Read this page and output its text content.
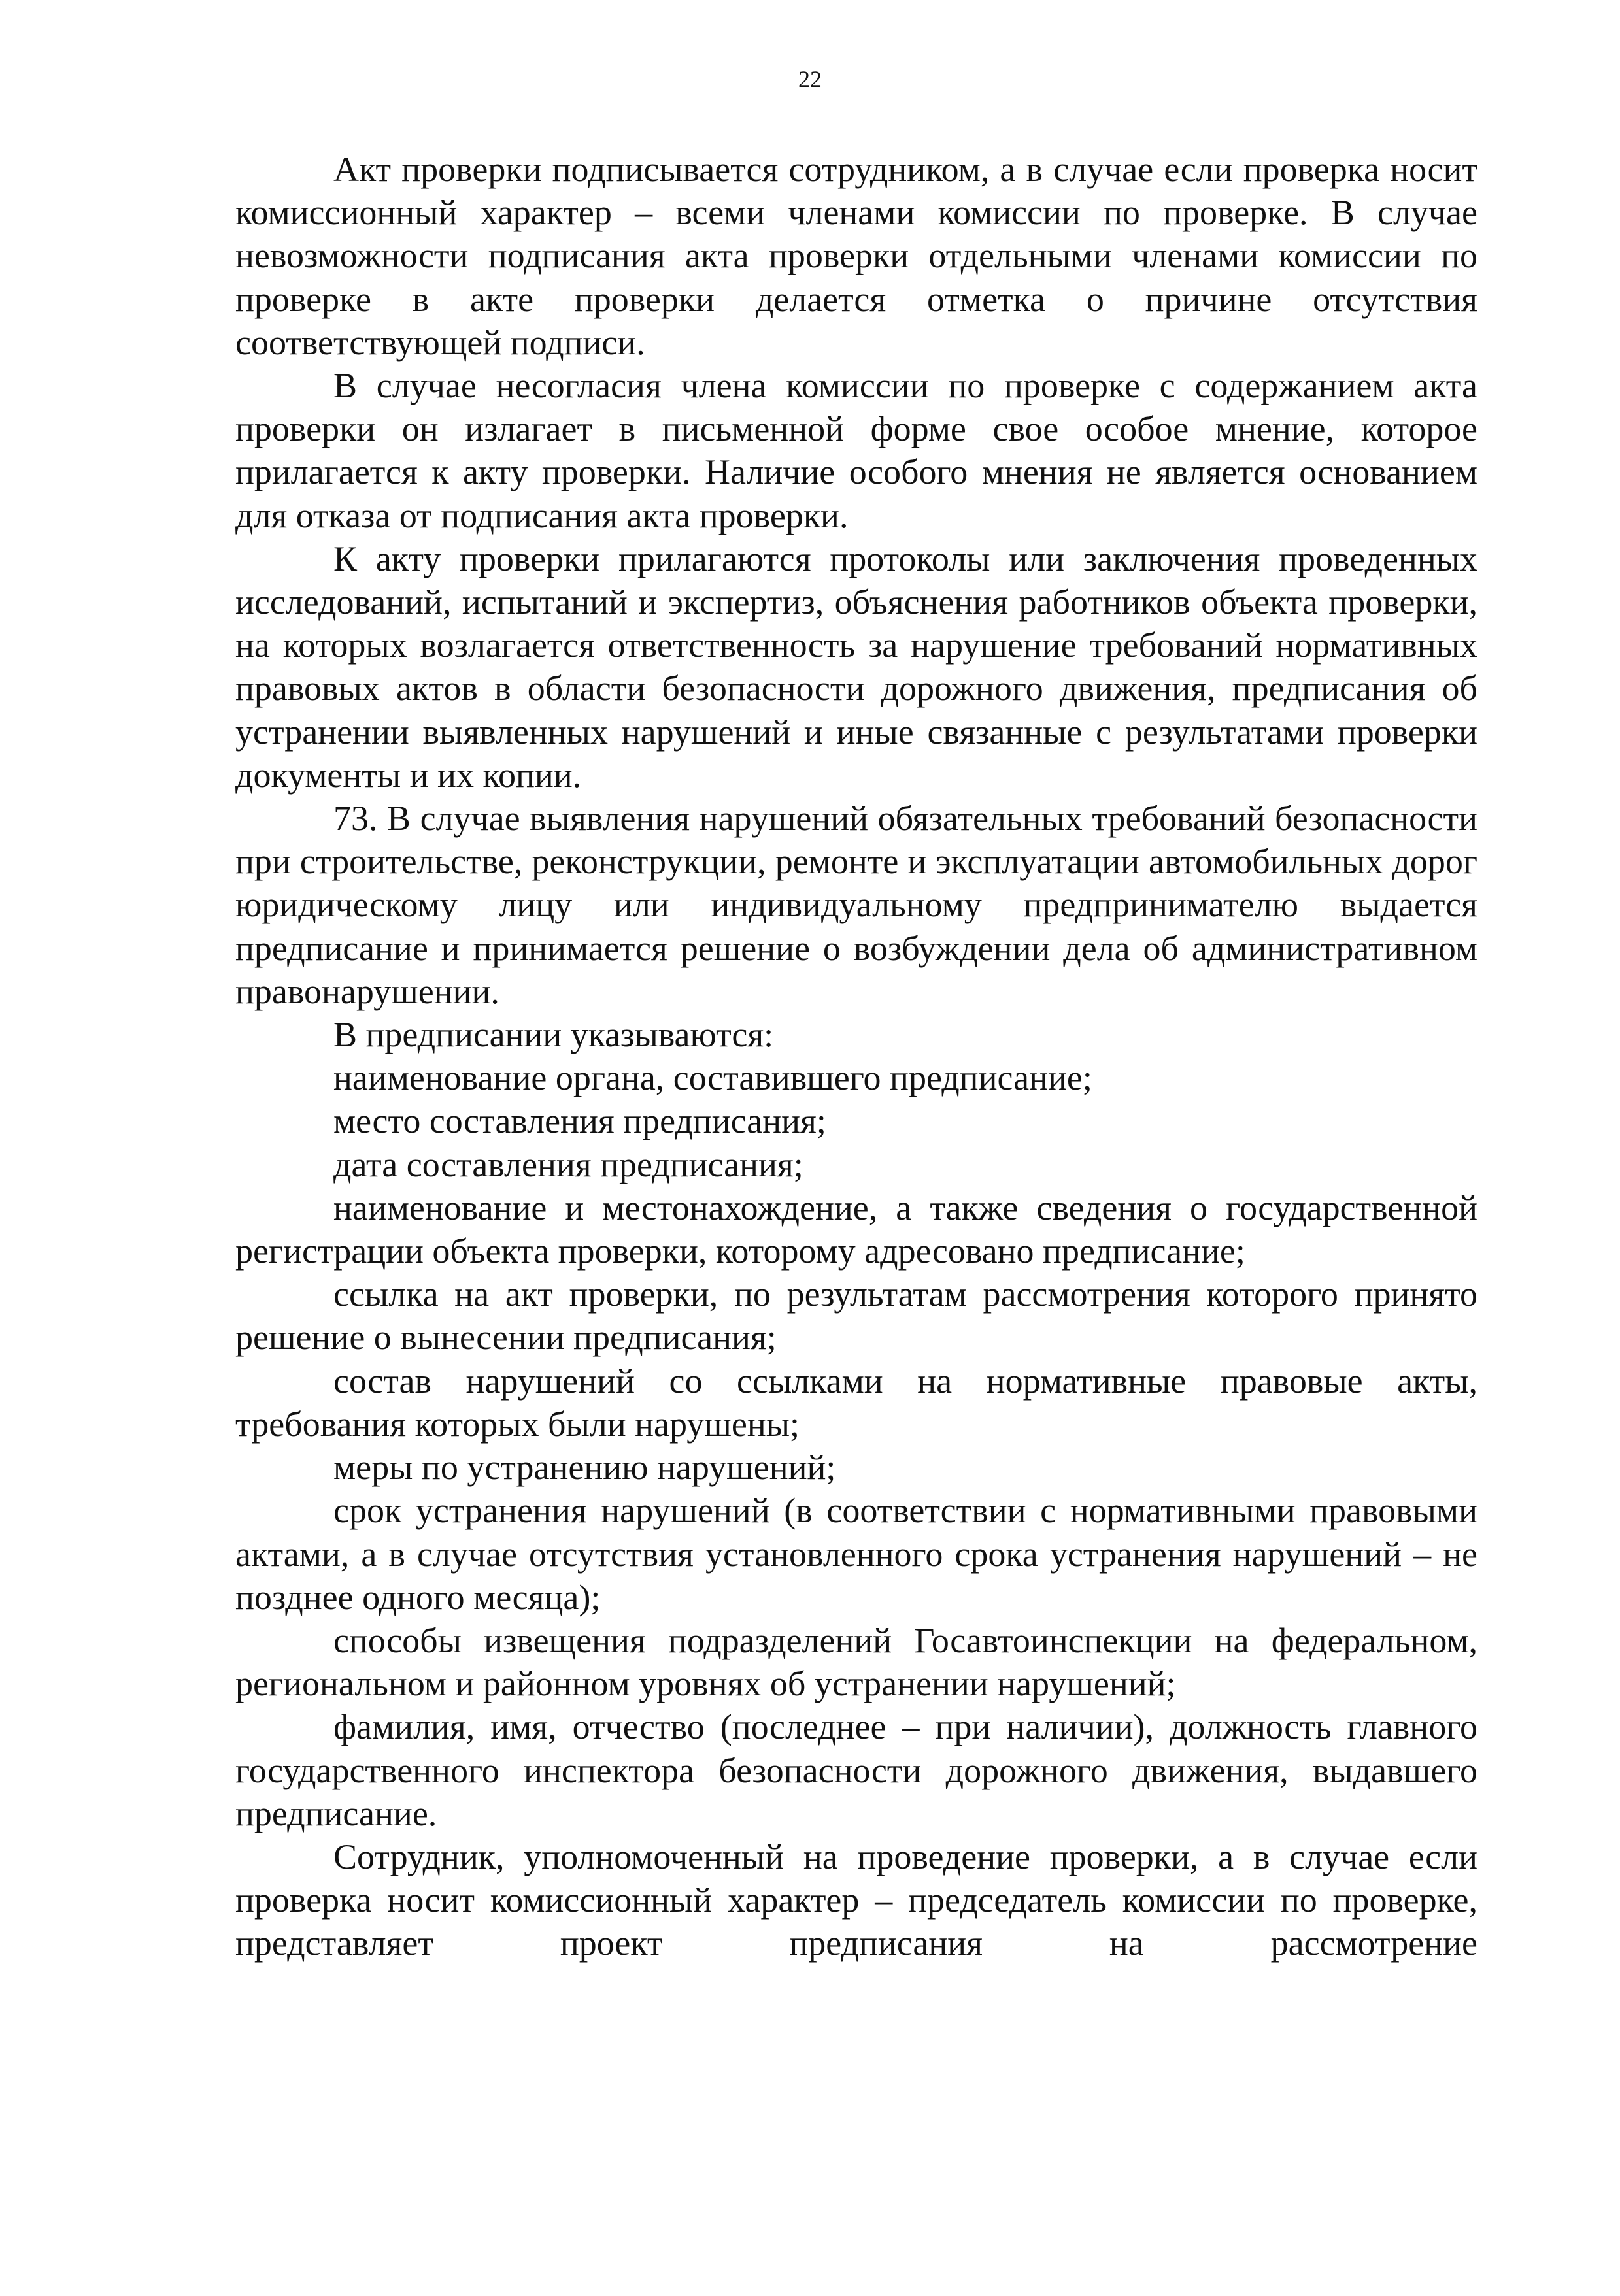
22

Акт проверки подписывается сотрудником, а в случае если проверка носит комиссионный характер – всеми членами комиссии по проверке. В случае невозможности подписания акта проверки отдельными членами комиссии по проверке в акте проверки делается отметка о причине отсутствия соответствующей подписи.

В случае несогласия члена комиссии по проверке с содержанием акта проверки он излагает в письменной форме свое особое мнение, которое прилагается к акту проверки. Наличие особого мнения не является основанием для отказа от подписания акта проверки.

К акту проверки прилагаются протоколы или заключения проведенных исследований, испытаний и экспертиз, объяснения работников объекта проверки, на которых возлагается ответственность за нарушение требований нормативных правовых актов в области безопасности дорожного движения, предписания об устранении выявленных нарушений и иные связанные с результатами проверки документы и их копии.

73. В случае выявления нарушений обязательных требований безопасности при строительстве, реконструкции, ремонте и эксплуатации автомобильных дорог юридическому лицу или индивидуальному предпринимателю выдается предписание и принимается решение о возбуждении дела об административном правонарушении.

В предписании указываются:

наименование органа, составившего предписание;

место составления предписания;

дата составления предписания;

наименование и местонахождение, а также сведения о государственной регистрации объекта проверки, которому адресовано предписание;

ссылка на акт проверки, по результатам рассмотрения которого принято решение о вынесении предписания;

состав нарушений со ссылками на нормативные правовые акты, требования которых были нарушены;

меры по устранению нарушений;

срок устранения нарушений (в соответствии с нормативными правовыми актами, а в случае отсутствия установленного срока устранения нарушений – не позднее одного месяца);

способы извещения подразделений Госавтоинспекции на федеральном, региональном и районном уровнях об устранении нарушений;

фамилия, имя, отчество (последнее – при наличии), должность главного государственного инспектора безопасности дорожного движения, выдавшего предписание.

Сотрудник, уполномоченный на проведение проверки, а в случае если проверка носит комиссионный характер – председатель комиссии по проверке, представляет проект предписания на рассмотрение
